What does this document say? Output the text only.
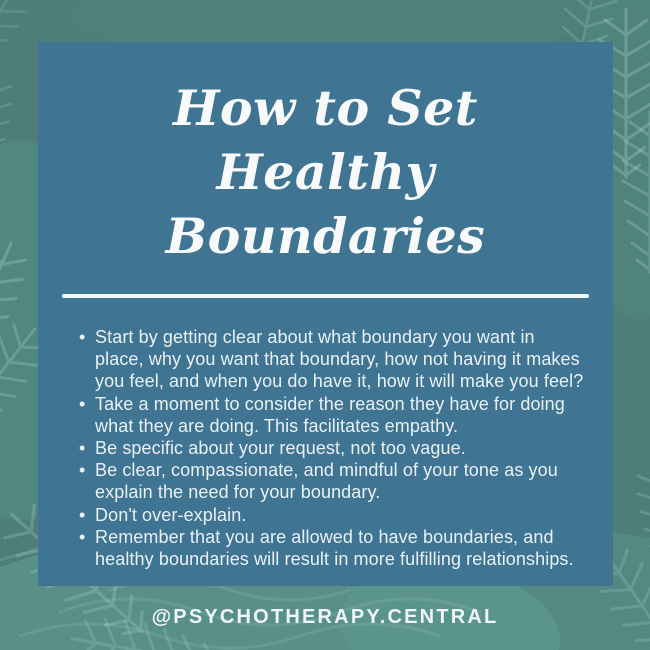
How to Set Healthy Boundaries
• Start by getting clear about what boundary you want in place, why you want that boundary, how not having it makes you feel, and when you do have it, how it will make you feel?
• Take a moment to consider the reason they have for doing what they are doing. This facilitates empathy.
• Be specific about your request, not too vague.
• Be clear, compassionate, and mindful of your tone as you explain the need for your boundary.
• Don't over-explain.
• Remember that you are allowed to have boundaries, and healthy boundaries will result in more fulfilling relationships.
@PSYCHOTHERAPY.CENTRAL
